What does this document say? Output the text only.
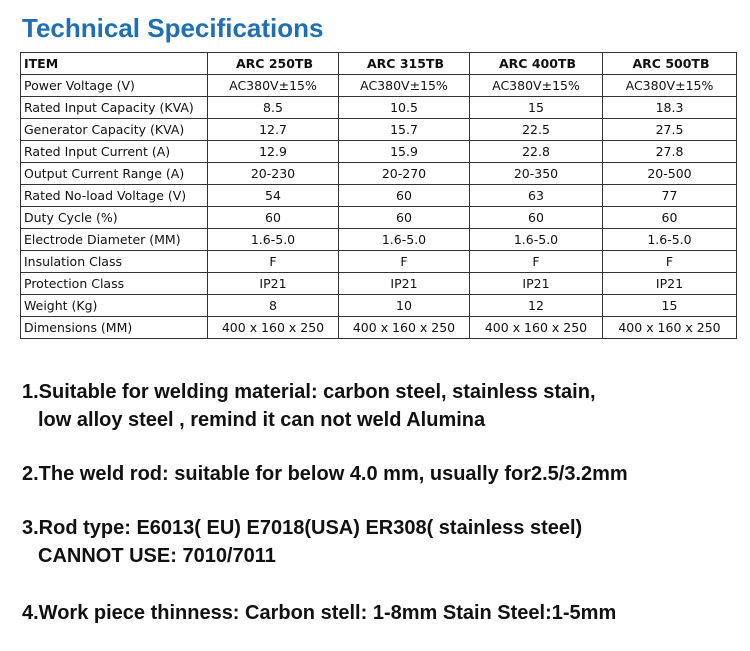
Technical Specifications
ITEM	ARC 250TB	ARC 315TB	ARC 400TB	ARC 500TB
Power Voltage (V)	AC380V±15%	AC380V±15%	AC380V±15%	AC380V±15%
Rated Input Capacity (KVA)	8.5	10.5	15	18.3
Generator Capacity (KVA)	12.7	15.7	22.5	27.5
Rated Input Current (A)	12.9	15.9	22.8	27.8
Output Current Range (A)	20-230	20-270	20-350	20-500
Rated No-load Voltage (V)	54	60	63	77
Duty Cycle (%)	60	60	60	60
Electrode Diameter (MM)	1.6-5.0	1.6-5.0	1.6-5.0	1.6-5.0
Insulation Class	F	F	F	F
Protection Class	IP21	IP21	IP21	IP21
Weight (Kg)	8	10	12	15
Dimensions (MM)	400 x 160 x 250	400 x 160 x 250	400 x 160 x 250	400 x 160 x 250
1.Suitable for welding material: carbon steel, stainless stain,
low alloy steel , remind it can not weld Alumina
2.The weld rod: suitable for below 4.0 mm, usually for2.5/3.2mm
3.Rod type: E6013( EU) E7018(USA) ER308( stainless steel)
CANNOT USE: 7010/7011
4.Work piece thinness: Carbon stell: 1-8mm Stain Steel:1-5mm
